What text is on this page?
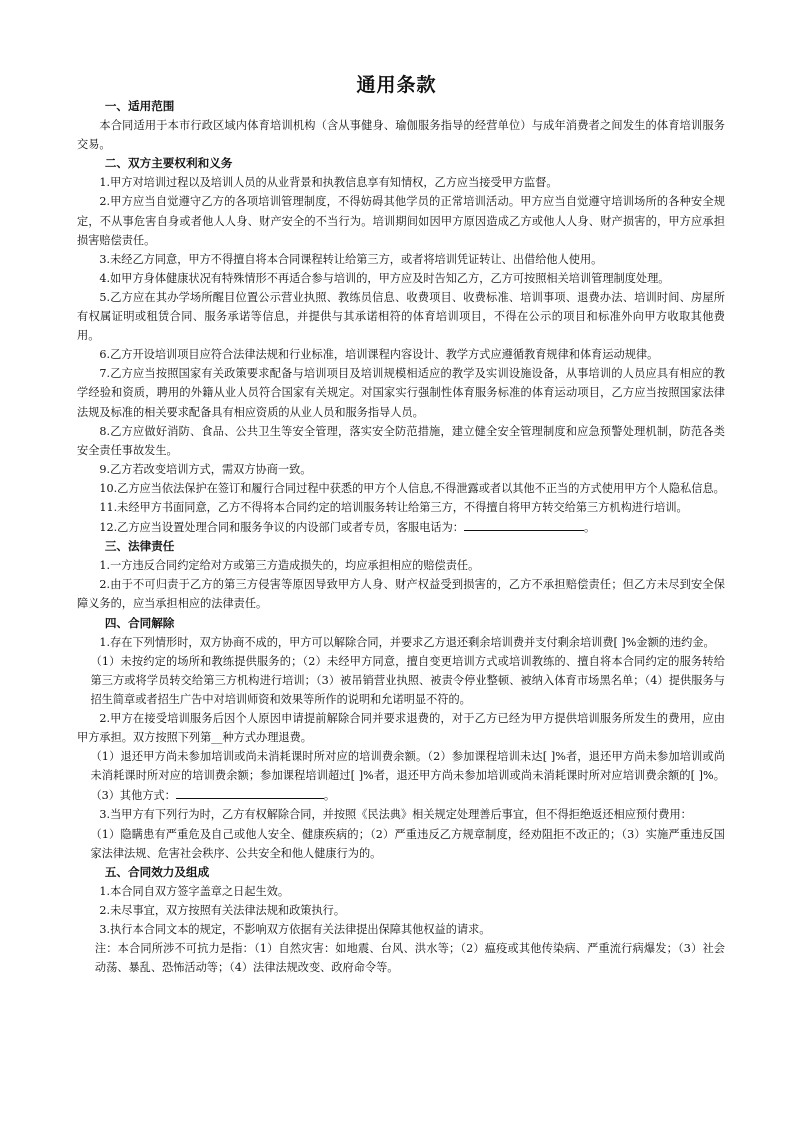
通用条款
一、适用范围

本合同适用于本市行政区域内体育培训机构（含从事健身、瑜伽服务指导的经营单位）与成年消费者之间发生的体育培训服务交易。

二、双方主要权利和义务

1.甲方对培训过程以及培训人员的从业背景和执教信息享有知情权，乙方应当接受甲方监督。

2.甲方应当自觉遵守乙方的各项培训管理制度，不得妨碍其他学员的正常培训活动。甲方应当自觉遵守培训场所的各种安全规定，不从事危害自身或者他人人身、财产安全的不当行为。培训期间如因甲方原因造成乙方或他人人身、财产损害的，甲方应承担损害赔偿责任。

3.未经乙方同意，甲方不得擅自将本合同课程转让给第三方，或者将培训凭证转让、出借给他人使用。

4.如甲方身体健康状况有特殊情形不再适合参与培训的，甲方应及时告知乙方，乙方可按照相关培训管理制度处理。

5.乙方应在其办学场所醒目位置公示营业执照、教练员信息、收费项目、收费标准、培训事项、退费办法、培训时间、房屋所有权属证明或租赁合同、服务承诺等信息，并提供与其承诺相符的体育培训项目，不得在公示的项目和标准外向甲方收取其他费用。

6.乙方开设培训项目应符合法律法规和行业标准，培训课程内容设计、教学方式应遵循教育规律和体育运动规律。

7.乙方应当按照国家有关政策要求配备与培训项目及培训规模相适应的教学及实训设施设备，从事培训的人员应具有相应的教学经验和资质，聘用的外籍从业人员符合国家有关规定。对国家实行强制性体育服务标准的体育运动项目，乙方应当按照国家法律法规及标准的相关要求配备具有相应资质的从业人员和服务指导人员。

8.乙方应做好消防、食品、公共卫生等安全管理，落实安全防范措施，建立健全安全管理制度和应急预警处理机制，防范各类安全责任事故发生。

9.乙方若改变培训方式，需双方协商一致。

10.乙方应当依法保护在签订和履行合同过程中获悉的甲方个人信息,不得泄露或者以其他不正当的方式使用甲方个人隐私信息。

11.未经甲方书面同意，乙方不得将本合同约定的培训服务转让给第三方，不得擅自将甲方转交给第三方机构进行培训。

12.乙方应当设置处理合同和服务争议的内设部门或者专员，客服电话为：	。

三、法律责任

1.一方违反合同约定给对方或第三方造成损失的，均应承担相应的赔偿责任。

2.由于不可归责于乙方的第三方侵害等原因导致甲方人身、财产权益受到损害的，乙方不承担赔偿责任；但乙方未尽到安全保障义务的，应当承担相应的法律责任。

四、合同解除

1.存在下列情形时，双方协商不成的，甲方可以解除合同，并要求乙方退还剩余培训费并支付剩余培训费[ ]%金额的违约金。

（1）未按约定的场所和教练提供服务的；（2）未经甲方同意，擅自变更培训方式或培训教练的、擅自将本合同约定的服务转给第三方或将学员转交给第三方机构进行培训；（3）被吊销营业执照、被责令停业整顿、被纳入体育市场黑名单；（4）提供服务与招生简章或者招生广告中对培训师资和效果等所作的说明和允诺明显不符的。

2.甲方在接受培训服务后因个人原因申请提前解除合同并要求退费的，对于乙方已经为甲方提供培训服务所发生的费用，应由甲方承担。双方按照下列第__种方式办理退费。

（1）退还甲方尚未参加培训或尚未消耗课时所对应的培训费余额。（2）参加课程培训未达[ ]%者，退还甲方尚未参加培训或尚未消耗课时所对应的培训费余额；参加课程培训超过[ ]%者，退还甲方尚未参加培训或尚未消耗课时所对应培训费余额的[ ]%。（3）其他方式：	。

3.当甲方有下列行为时，乙方有权解除合同，并按照《民法典》相关规定处理善后事宜，但不得拒绝返还相应预付费用：

（1）隐瞒患有严重危及自己或他人安全、健康疾病的；（2）严重违反乙方规章制度，经劝阻拒不改正的；（3）实施严重违反国家法律法规、危害社会秩序、公共安全和他人健康行为的。

五、合同效力及组成

1.本合同自双方签字盖章之日起生效。

2.未尽事宜，双方按照有关法律法规和政策执行。

3.执行本合同文本的规定，不影响双方依据有关法律提出保障其他权益的请求。

注：本合同所涉不可抗力是指：（1）自然灾害：如地震、台风、洪水等；（2）瘟疫或其他传染病、严重流行病爆发；（3）社会动荡、暴乱、恐怖活动等；（4）法律法规改变、政府命令等。
